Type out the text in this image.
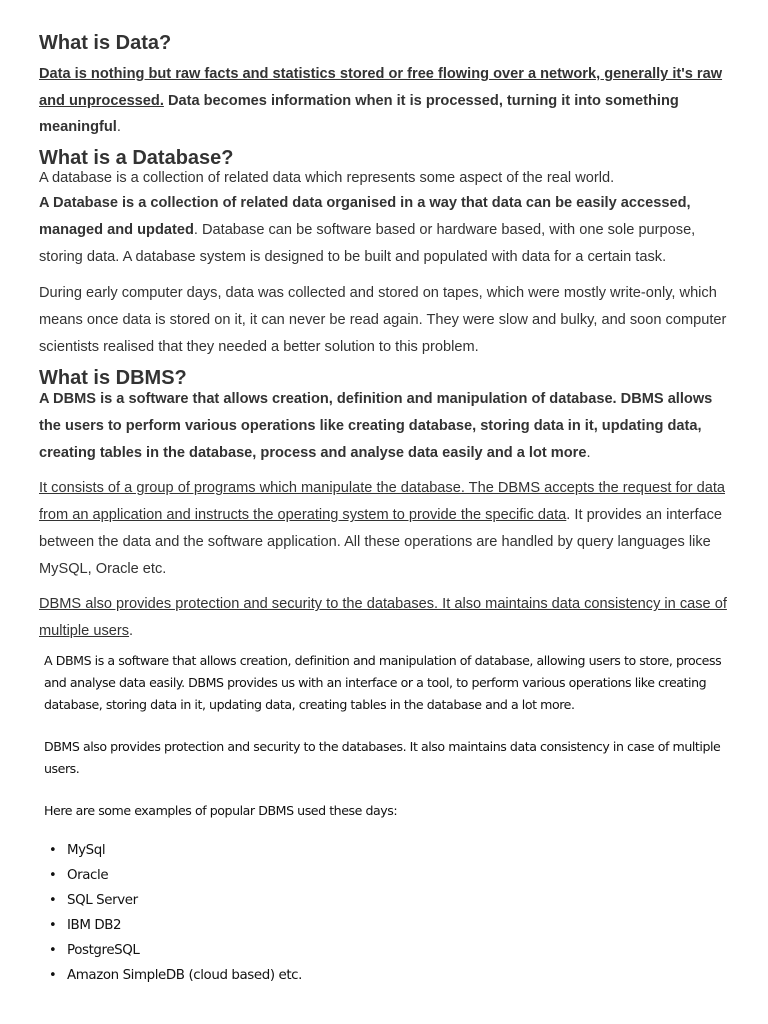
What is Data?

Data is nothing but raw facts and statistics stored or free flowing over a network, generally it's raw and unprocessed. Data becomes information when it is processed, turning it into something meaningful.

What is a Database?

A database is a collection of related data which represents some aspect of the real world.

A Database is a collection of related data organised in a way that data can be easily accessed, managed and updated. Database can be software based or hardware based, with one sole purpose, storing data. A database system is designed to be built and populated with data for a certain task.

During early computer days, data was collected and stored on tapes, which were mostly write-only, which means once data is stored on it, it can never be read again. They were slow and bulky, and soon computer scientists realised that they needed a better solution to this problem.

What is DBMS?

A DBMS is a software that allows creation, definition and manipulation of database. DBMS allows the users to perform various operations like creating database, storing data in it, updating data, creating tables in the database, process and analyse data easily and a lot more.

It consists of a group of programs which manipulate the database. The DBMS accepts the request for data from an application and instructs the operating system to provide the specific data. It provides an interface between the data and the software application. All these operations are handled by query languages like MySQL, Oracle etc.

DBMS also provides protection and security to the databases. It also maintains data consistency in case of multiple users.

A DBMS is a software that allows creation, definition and manipulation of database, allowing users to store, process and analyse data easily. DBMS provides us with an interface or a tool, to perform various operations like creating database, storing data in it, updating data, creating tables in the database and a lot more.

DBMS also provides protection and security to the databases. It also maintains data consistency in case of multiple users.

Here are some examples of popular DBMS used these days:

• MySql
• Oracle
• SQL Server
• IBM DB2
• PostgreSQL
• Amazon SimpleDB (cloud based) etc.
